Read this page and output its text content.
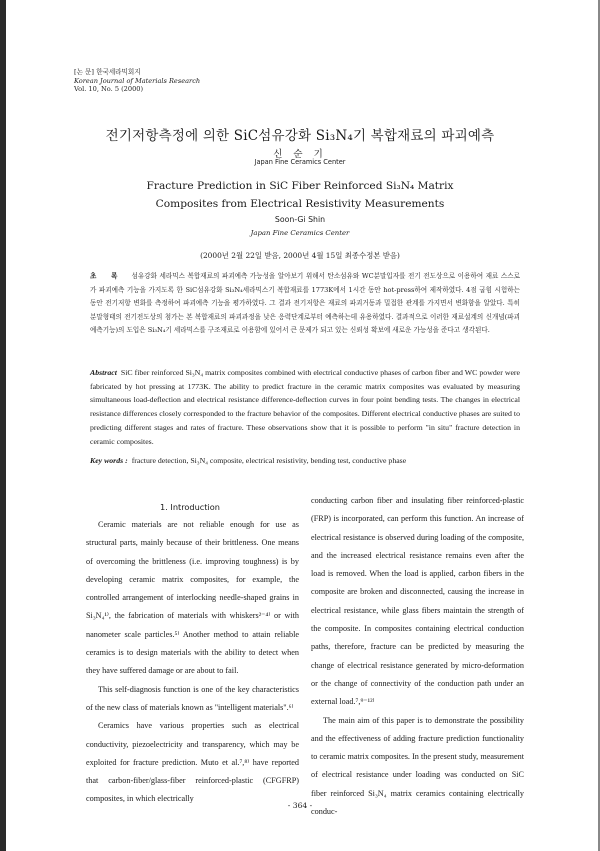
[논 문] 한국세라믹회지
Korean Journal of Materials Research
Vol. 10, No. 5 (2000)
전기저항측정에 의한 SiC섬유강화 Si₃N₄기 복합재료의 파괴예측
신 순 기
Japan Fine Ceramics Center
Fracture Prediction in SiC Fiber Reinforced Si₃N₄ Matrix
Composites from Electrical Resistivity Measurements
Soon-Gi Shin
Japan Fine Ceramics Center
(2000년 2월 22일 받음, 2000년 4월 15일 최종수정본 받음)
초 록 섬유강화 세라믹스 복합재료의 파괴예측 가능성을 알아보기 위해서 탄소섬유와 WC분말입자를 전기 전도상으로 이용하여 재료 스스로가 파괴예측 기능을 가지도록 한 SiC섬유강화 Si₃N₄세라믹스기 복합재료를 1773K에서 1시간 동안 hot-press하여 제작하였다. 4점 굽힘 시험하는 동안 전기저항 변화를 측정하여 파괴예측 기능을 평가하였다. 그 결과 전기저항은 재료의 파괴거동과 밀접한 관계를 가지면서 변화함을 알았다. 특히 분말형태의 전기전도상의 첨가는 본 복합재료의 파괴과정을 낮은 응력단계로부터 예측하는데 유용하였다. 결과적으로 이러한 재료설계의 신개념(파괴예측기능)의 도입은 Si₃N₄기 세라믹스를 구조재료로 이용함에 있어서 큰 문제가 되고 있는 신뢰성 확보에 새로운 가능성을 준다고 생각된다.
Abstract SiC fiber reinforced Si₃N₄ matrix composites combined with electrical conductive phases of carbon fiber and WC powder were fabricated by hot pressing at 1773K. The ability to predict fracture in the ceramic matrix composites was evaluated by measuring simultaneous load-deflection and electrical resistance difference-deflection curves in four point bending tests. The changes in electrical resistance differences closely corresponded to the fracture behavior of the composites. Different electrical conductive phases are suited to predicting different stages and rates of fracture. These observations show that it is possible to perform "in situ" fracture detection in ceramic composites.
Key words : fracture detection, Si₃N₄ composite, electrical resistivity, bending test, conductive phase
1. Introduction

Ceramic materials are not reliable enough for use as structural parts, mainly because of their brittleness. One means of overcoming the brittleness (i.e. improving toughness) is by developing ceramic matrix composites, for example, the controlled arrangement of interlocking needle-shaped grains in Si₃N₄¹⁾, the fabrication of materials with whiskers²⁻⁴⁾ or with nanometer scale particles.⁵⁾ Another method to attain reliable ceramics is to design materials with the ability to detect when they have suffered damage or are about to fail.

This self-diagnosis function is one of the key characteristics of the new class of materials known as "intelligent materials".⁶⁾

Ceramics have various properties such as electrical conductivity, piezoelectricity and transparency, which may be exploited for fracture prediction. Muto et al.⁷,⁸⁾ have reported that carbon-fiber/glass-fiber reinforced-plastic (CFGFRP) composites, in which electrically

conducting carbon fiber and insulating fiber reinforced-plastic (FRP) is incorporated, can perform this function. An increase of electrical resistance is observed during loading of the composite, and the increased electrical resistance remains even after the load is removed. When the load is applied, carbon fibers in the composite are broken and disconnected, causing the increase in electrical resistance, while glass fibers maintain the strength of the composite. In composites containing electrical conduction paths, therefore, fracture can be predicted by measuring the change of electrical resistance generated by micro-deformation or the change of connectivity of the conduction path under an external load.⁷,⁹⁻¹²⁾

The main aim of this paper is to demonstrate the possibility and the effectiveness of adding fracture prediction functionality to ceramic matrix composites. In the present study, measurement of electrical resistance under loading was conducted on SiC fiber reinforced Si₃N₄ matrix ceramics containing electrically conduc-

- 364 -
